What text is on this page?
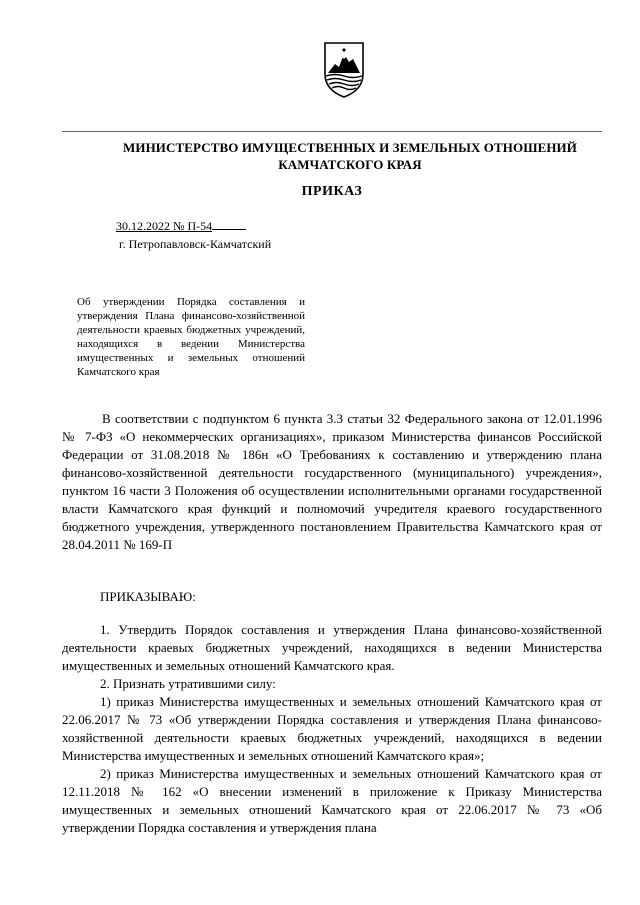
МИНИСТЕРСТВО ИМУЩЕСТВЕННЫХ И ЗЕМЕЛЬНЫХ ОТНОШЕНИЙ
КАМЧАТСКОГО КРАЯ
ПРИКАЗ
30.12.2022 № П-54
г. Петропавловск-Камчатский
Об утверждении Порядка составления и утверждения Плана финансово-хозяйственной деятельности краевых бюджетных учреждений, находящихся в ведении Министерства имущественных и земельных отношений Камчатского края
В соответствии с подпунктом 6 пункта 3.3 статьи 32 Федерального закона от 12.01.1996 № 7-ФЗ «О некоммерческих организациях», приказом Министерства финансов Российской Федерации от 31.08.2018 № 186н «О Требованиях к составлению и утверждению плана финансово-хозяйственной деятельности государственного (муниципального) учреждения», пунктом 16 части 3 Положения об осуществлении исполнительными органами государственной власти Камчатского края функций и полномочий учредителя краевого государственного бюджетного учреждения, утвержденного постановлением Правительства Камчатского края от 28.04.2011 № 169-П
ПРИКАЗЫВАЮ:

1. Утвердить Порядок составления и утверждения Плана финансово-хозяйственной деятельности краевых бюджетных учреждений, находящихся в ведении Министерства имущественных и земельных отношений Камчатского края.

2. Признать утратившими силу:

1) приказ Министерства имущественных и земельных отношений Камчатского края от 22.06.2017 № 73 «Об утверждении Порядка составления и утверждения Плана финансово-хозяйственной деятельности краевых бюджетных учреждений, находящихся в ведении Министерства имущественных и земельных отношений Камчатского края»;

2) приказ Министерства имущественных и земельных отношений Камчатского края от 12.11.2018 № 162 «О внесении изменений в приложение к Приказу Министерства имущественных и земельных отношений Камчатского края от 22.06.2017 № 73 «Об утверждении Порядка составления и утверждения плана
